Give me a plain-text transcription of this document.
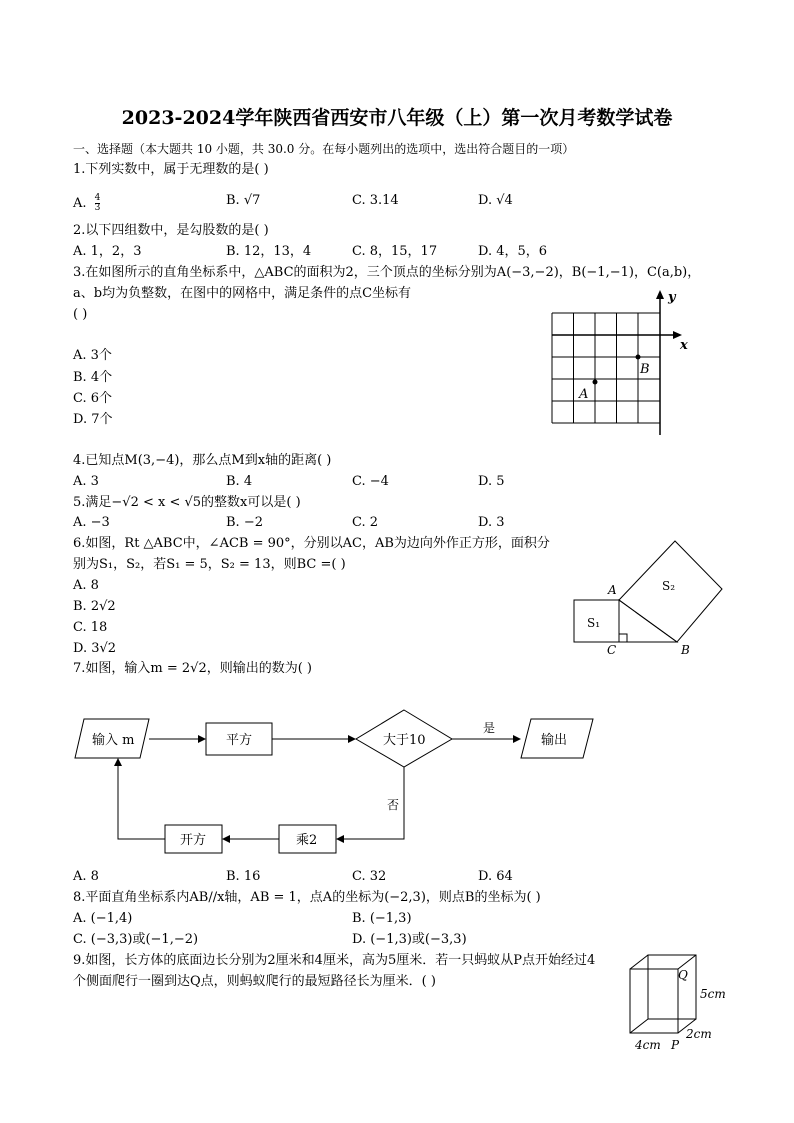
2023-2024学年陕西省西安市八年级（上）第一次月考数学试卷
一、选择题（本大题共 10 小题，共 30.0 分。在每小题列出的选项中，选出符合题目的一项）
1.下列实数中，属于无理数的是( )
A. $\frac{4}{3}$	B. √7	C. 3.14	D. √4
2.以下四组数中，是勾股数的是( )
A. 1，2，3	B. 12，13，4	C. 8，15，17	D. 4，5，6
3.在如图所示的直角坐标系中，△ABC的面积为2，三个顶点的坐标分别为A(−3,−2)，B(−1,−1)，C(a,b)，
a、b均为负整数，在图中的网格中，满足条件的点C坐标有
( )
A. 3个
B. 4个
C. 6个
D. 7个
y
x
A
B
4.已知点M(3,−4)，那么点M到x轴的距离( )
A. 3	B. 4	C. −4	D. 5
5.满足−√2 < x < √5的整数x可以是( )
A. −3	B. −2	C. 2	D. 3
6.如图，Rt △ABC中，∠ACB = 90°，分别以AC，AB为边向外作正方形，面积分
别为S₁，S₂，若S₁ = 5，S₂ = 13，则BC =( )
A. 8
B. 2√2
C. 18
D. 3√2
A
B
C
S₁
S₂
7.如图，输入m = 2√2，则输出的数为( )
输入 m	平方	大于10
是
输出
否
乘2
开方
A. 8	B. 16	C. 32	D. 64
8.平面直角坐标系内AB//x轴，AB = 1，点A的坐标为(−2,3)，则点B的坐标为( )
A. (−1,4)	B. (−1,3)
C. (−3,3)或(−1,−2)	D. (−1,3)或(−3,3)
9.如图，长方体的底面边长分别为2厘米和4厘米，高为5厘米．若一只蚂蚁从P点开始经过4
个侧面爬行一圈到达Q点，则蚂蚁爬行的最短路径长为厘米．( )	Q
5cm
2cm
4cm P
